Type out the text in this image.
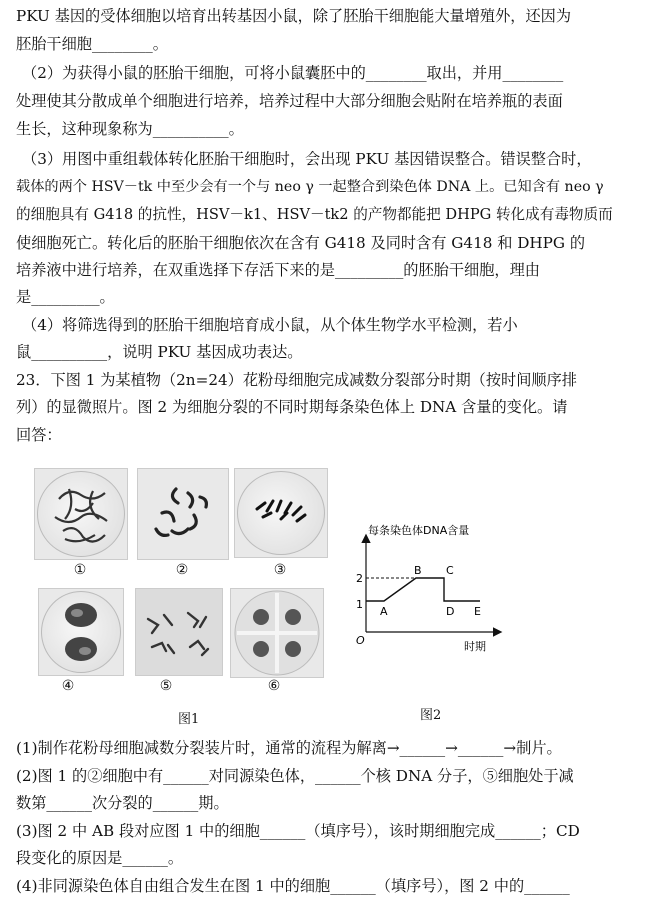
PKU 基因的受体细胞以培育出转基因小鼠，除了胚胎干细胞能大量增殖外，还因为
胚胎干细胞________。
（2）为获得小鼠的胚胎干细胞，可将小鼠囊胚中的________取出，并用________
处理使其分散成单个细胞进行培养，培养过程中大部分细胞会贴附在培养瓶的表面
生长，这种现象称为__________。
（3）用图中重组载体转化胚胎干细胞时，会出现 PKU 基因错误整合。错误整合时，
载体的两个 HSV－tk 中至少会有一个与 neo γ 一起整合到染色体 DNA 上。已知含有 neo γ
的细胞具有 G418 的抗性，HSV－k1、HSV－tk2 的产物都能把 DHPG 转化成有毒物质而
使细胞死亡。转化后的胚胎干细胞依次在含有 G418 及同时含有 G418 和 DHPG 的
培养液中进行培养，在双重选择下存活下来的是_________的胚胎干细胞，理由
是_________。
（4）将筛选得到的胚胎干细胞培育成小鼠，从个体生物学水平检测，若小
鼠__________，说明 PKU 基因成功表达。
23．下图 1 为某植物（2n=24）花粉母细胞完成减数分裂部分时期（按时间顺序排
列）的显微照片。图 2 为细胞分裂的不同时期每条染色体上 DNA 含量的变化。请
回答：
①	②	③
④	⑤	⑥
图1
每条染色体DNA含量
时期
O
1
2
A
B C
D E
图2
(1)制作花粉母细胞减数分裂装片时，通常的流程为解离→______→______→制片。
(2)图 1 的②细胞中有______对同源染色体，______个核 DNA 分子，⑤细胞处于减
数第______次分裂的______期。
(3)图 2 中 AB 段对应图 1 中的细胞______（填序号），该时期细胞完成______；CD
段变化的原因是______。
(4)非同源染色体自由组合发生在图 1 中的细胞______（填序号），图 2 中的______
